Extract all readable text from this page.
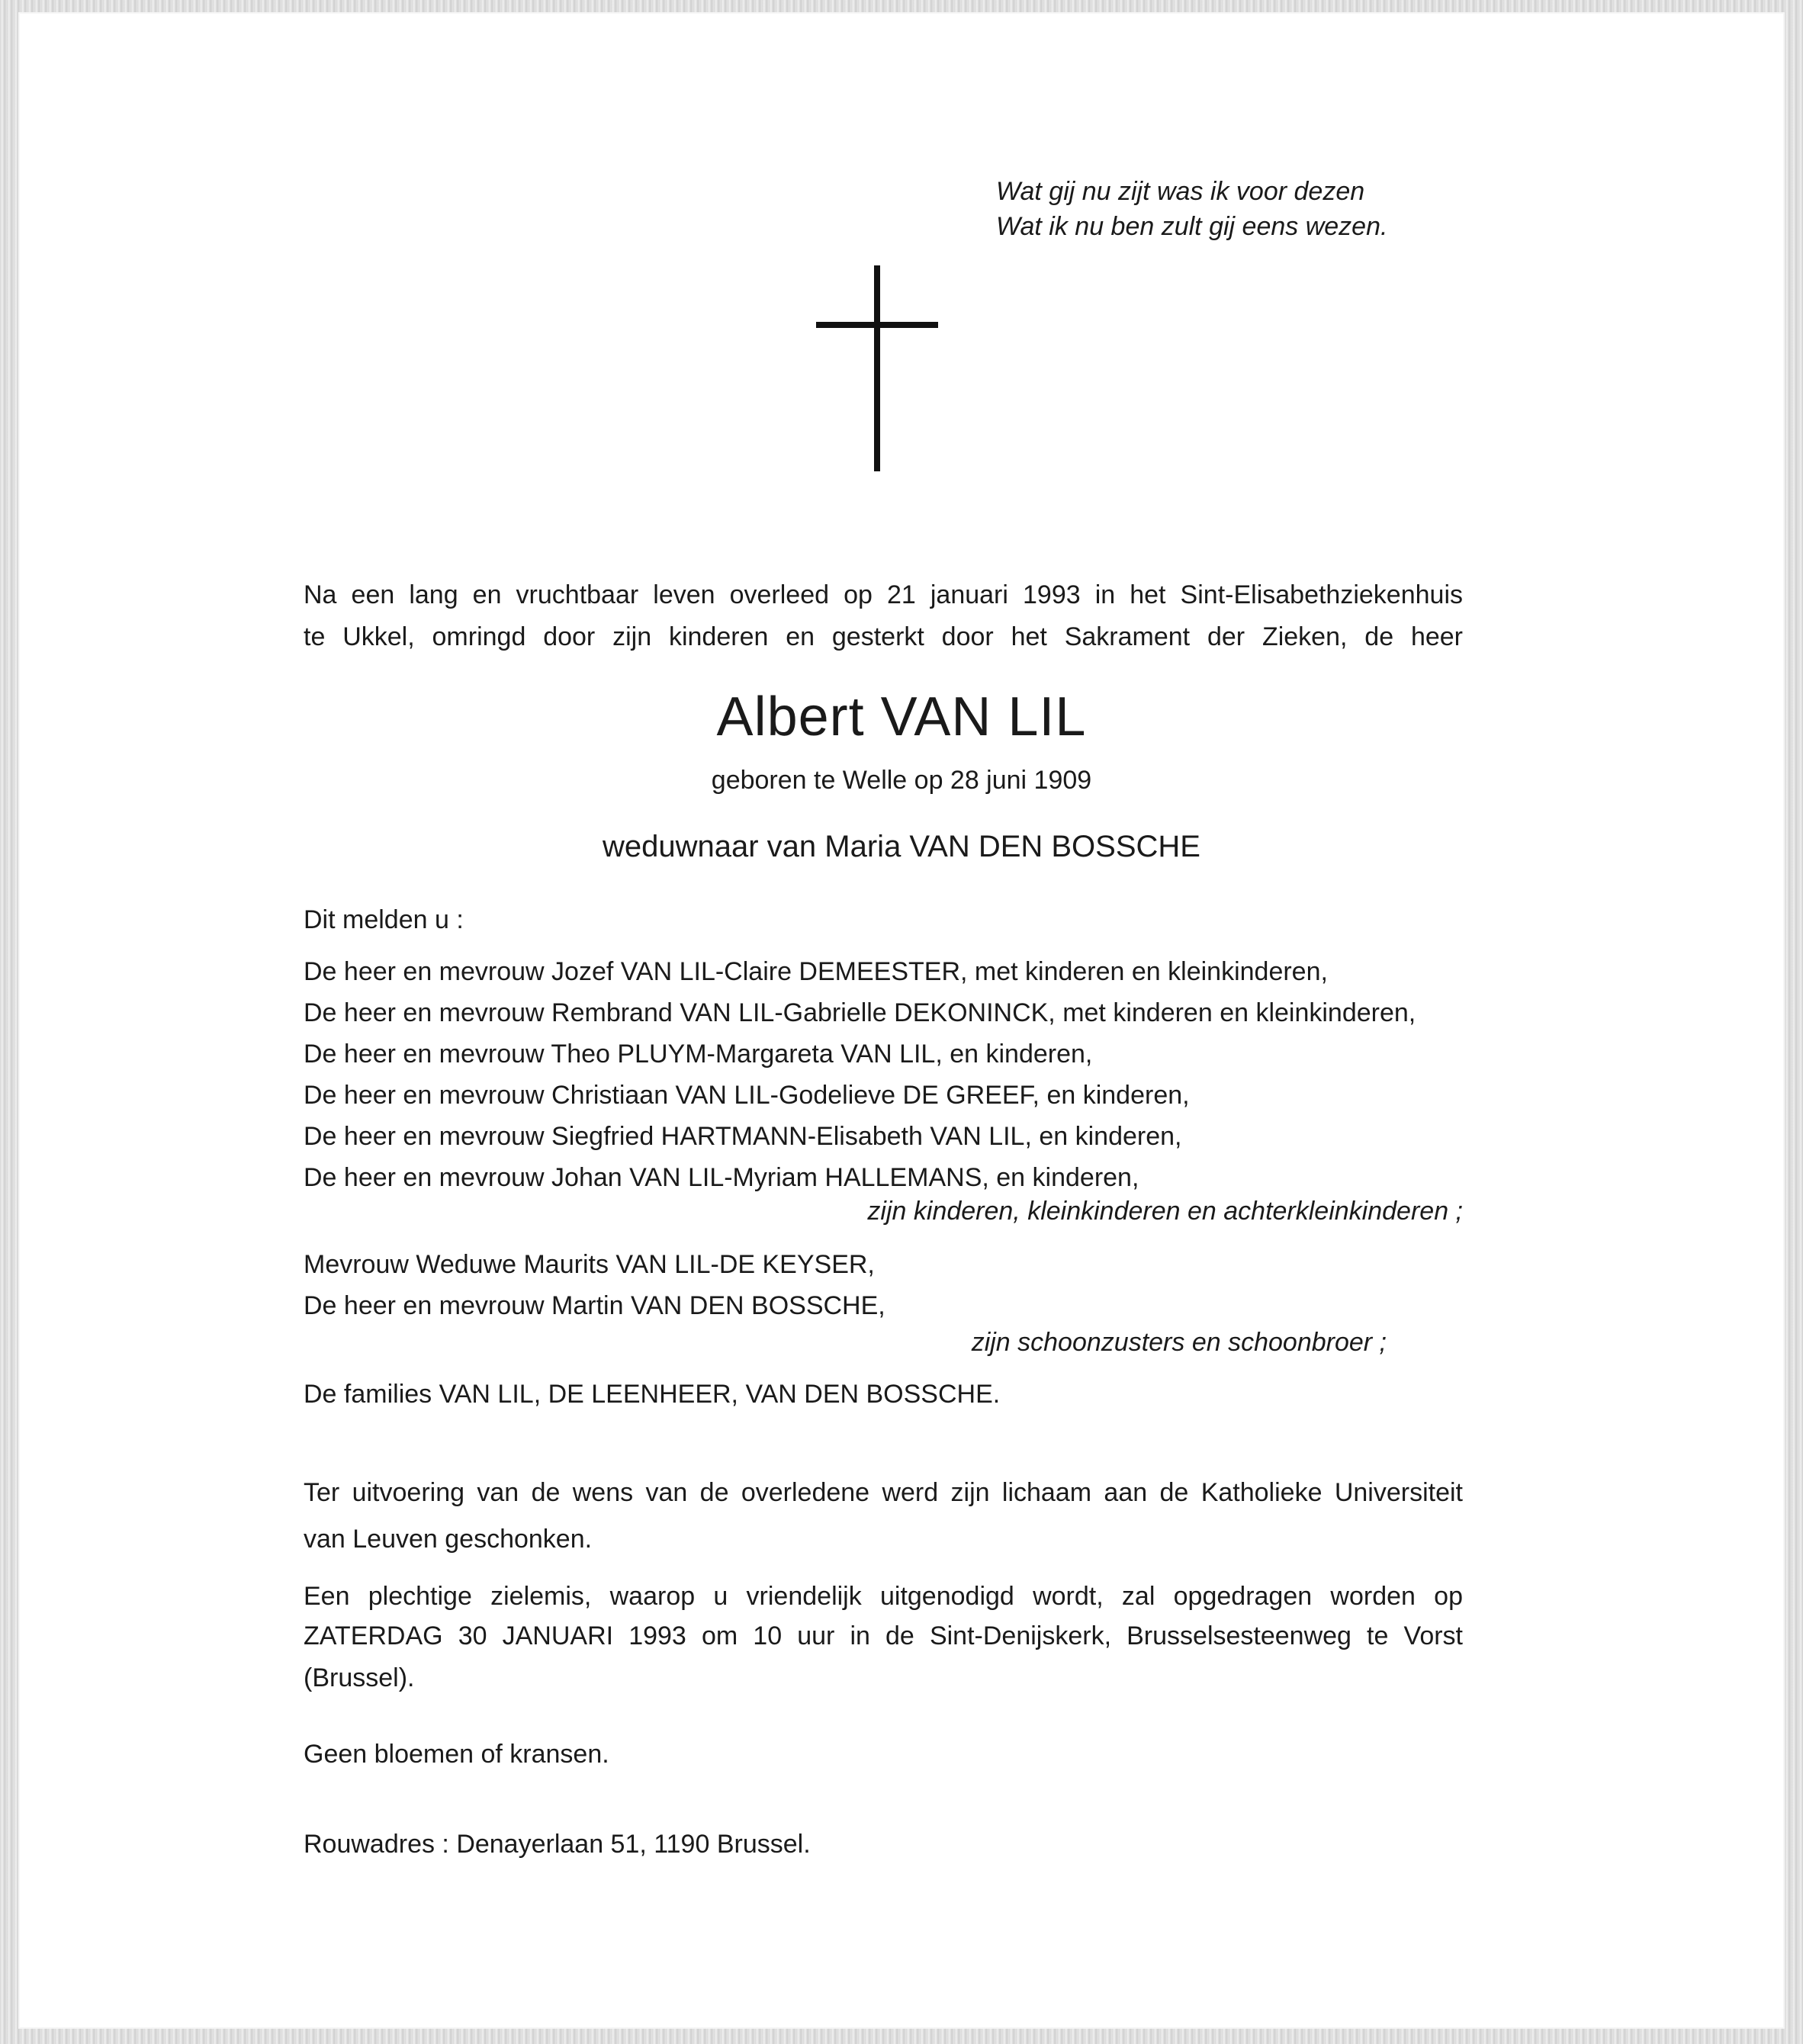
Wat gij nu zijt was ik voor dezen
Wat ik nu ben zult gij eens wezen.
Na een lang en vruchtbaar leven overleed op 21 januari 1993 in het Sint-Elisabethziekenhuis
te Ukkel, omringd door zijn kinderen en gesterkt door het Sakrament der Zieken, de heer
Albert VAN LIL
geboren te Welle op 28 juni 1909
weduwnaar van Maria VAN DEN BOSSCHE
Dit melden u :
De heer en mevrouw Jozef VAN LIL-Claire DEMEESTER, met kinderen en kleinkinderen,
De heer en mevrouw Rembrand VAN LIL-Gabrielle DEKONINCK, met kinderen en kleinkinderen,
De heer en mevrouw Theo PLUYM-Margareta VAN LIL, en kinderen,
De heer en mevrouw Christiaan VAN LIL-Godelieve DE GREEF, en kinderen,
De heer en mevrouw Siegfried HARTMANN-Elisabeth VAN LIL, en kinderen,
De heer en mevrouw Johan VAN LIL-Myriam HALLEMANS, en kinderen,
zijn kinderen, kleinkinderen en achterkleinkinderen ;
Mevrouw Weduwe Maurits VAN LIL-DE KEYSER,
De heer en mevrouw Martin VAN DEN BOSSCHE,
zijn schoonzusters en schoonbroer ;
De families VAN LIL, DE LEENHEER, VAN DEN BOSSCHE.
Ter uitvoering van de wens van de overledene werd zijn lichaam aan de Katholieke Universiteit
van Leuven geschonken.
Een plechtige zielemis, waarop u vriendelijk uitgenodigd wordt, zal opgedragen worden op
ZATERDAG 30 JANUARI 1993 om 10 uur in de Sint-Denijskerk, Brusselsesteenweg te Vorst
(Brussel).
Geen bloemen of kransen.
Rouwadres : Denayerlaan 51, 1190 Brussel.
